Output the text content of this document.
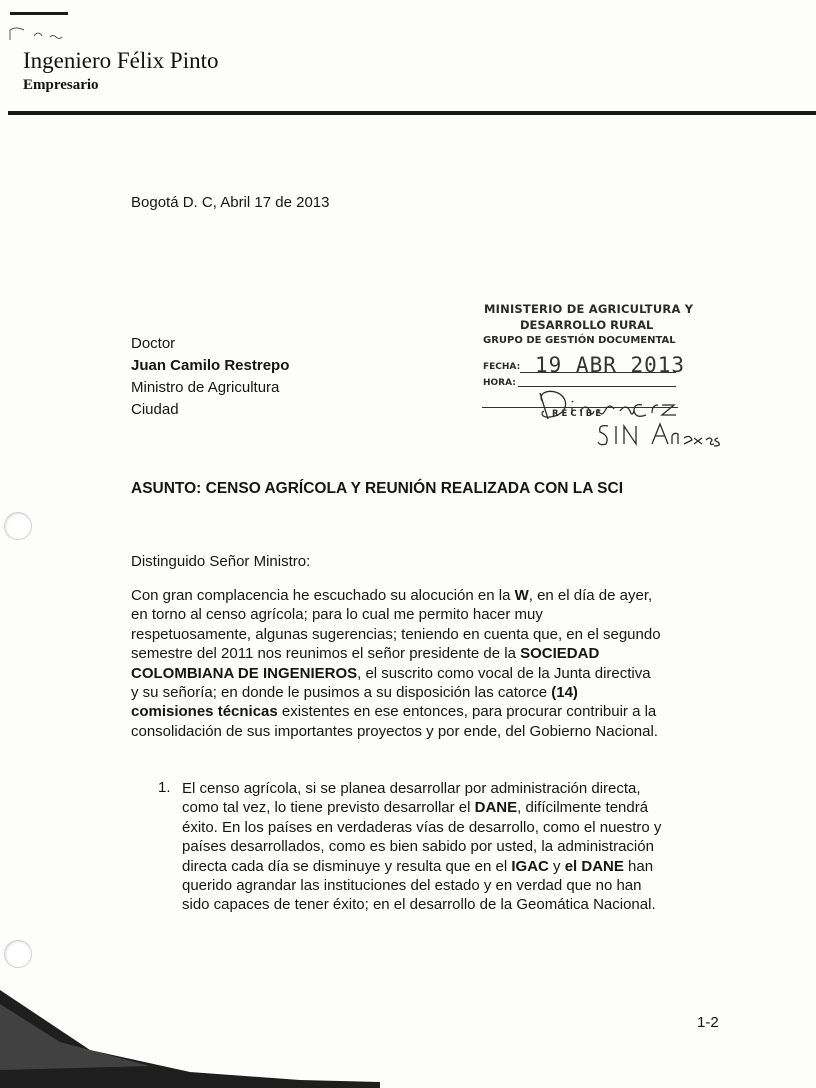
Ingeniero Félix Pinto
Empresario
Bogotá D. C, Abril 17 de 2013
Doctor
Juan Camilo Restrepo
Ministro de Agricultura
Ciudad
MINISTERIO DE AGRICULTURA Y
DESARROLLO RURAL
GRUPO DE GESTIÓN DOCUMENTAL
FECHA:
HORA:
19 ABR 2013
RECIBE
ASUNTO: CENSO AGRÍCOLA Y REUNIÓN REALIZADA CON LA SCI
Distinguido Señor Ministro:
Con gran complacencia he escuchado su alocución en la W, en el día de ayer,
en torno al censo agrícola; para lo cual me permito hacer muy
respetuosamente, algunas sugerencias; teniendo en cuenta que, en el segundo
semestre del 2011 nos reunimos el señor presidente de la SOCIEDAD
COLOMBIANA DE INGENIEROS, el suscrito como vocal de la Junta directiva
y su señoría; en donde le pusimos a su disposición las catorce (14)
comisiones técnicas existentes en ese entonces, para procurar contribuir a la
consolidación de sus importantes proyectos y por ende, del Gobierno Nacional.
1. El censo agrícola, si se planea desarrollar por administración directa,
como tal vez, lo tiene previsto desarrollar el DANE, difícilmente tendrá
éxito. En los países en verdaderas vías de desarrollo, como el nuestro y
países desarrollados, como es bien sabido por usted, la administración
directa cada día se disminuye y resulta que en el IGAC y el DANE han
querido agrandar las instituciones del estado y en verdad que no han
sido capaces de tener éxito; en el desarrollo de la Geomática Nacional.
1-2
